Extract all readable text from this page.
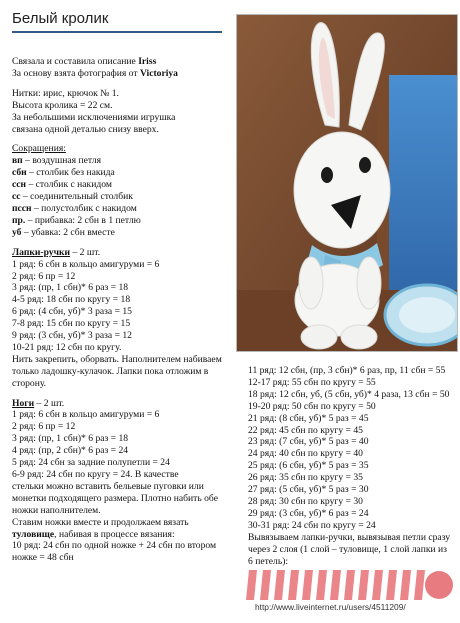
Белый кролик
Связала и составила описание Iriss
За основу взята фотография от Victoriya
Нитки: ирис, крючок № 1.
Высота кролика = 22 см.
За небольшими исключениями игрушка
связана одной деталью снизу вверх.
Сокращения:
вп – воздушная петля
сбн – столбик без накида
ссн – столбик с накидом
сс – соединительный столбик
пссн – полустолбик с накидом
пр. – прибавка: 2 сбн в 1 петлю
уб – убавка: 2 сбн вместе
Лапки-ручки – 2 шт.
1 ряд: 6 сбн в кольцо амигуруми = 6
2 ряд: 6 пр = 12
3 ряд: (пр, 1 сбн)* 6 раз = 18
4-5 ряд: 18 сбн по кругу = 18
6 ряд: (4 сбн, уб)* 3 раза = 15
7-8 ряд: 15 сбн по кругу = 15
9 ряд: (3 сбн, уб)* 3 раза = 12
10-21 ряд: 12 сбн по кругу.
Нить закрепить, оборвать. Наполнителем набиваем только ладошку-кулачок. Лапки пока отложим в сторону.
Ноги – 2 шт.
1 ряд: 6 сбн в кольцо амигуруми = 6
2 ряд: 6 пр = 12
3 ряд: (пр, 1 сбн)* 6 раз = 18
4 ряд: (пр, 2 сбн)* 6 раз = 24
5 ряд: 24 сбн за задние полупетли = 24
6-9 ряд: 24 сбн по кругу = 24. В качестве
стельки можно вставить бельевые пуговки или монетки подходящего размера. Плотно набить обе ножки наполнителем.
Ставим ножки вместе и продолжаем вязать туловище, набивая в процессе вязания:
10 ряд: 24 сбн по одной ножке + 24 сбн по втором ножке = 48 сбн
11 ряд: 12 сбн, (пр, 3 сбн)* 6 раз, пр, 11 сбн = 55
12-17 ряд: 55 сбн по кругу = 55
18 ряд: 12 сбн, уб, (5 сбн, уб)* 4 раза, 13 сбн = 50
19-20 ряд: 50 сбн по кругу = 50
21 ряд: (8 сбн, уб)* 5 раз = 45
22 ряд: 45 сбн по кругу = 45
23 ряд: (7 сбн, уб)* 5 раз = 40
24 ряд: 40 сбн по кругу = 40
25 ряд: (6 сбн, уб)* 5 раз = 35
26 ряд: 35 сбн по кругу = 35
27 ряд: (5 сбн, уб)* 5 раз = 30
28 ряд: 30 сбн по кругу = 30
29 ряд: (3 сбн, уб)* 6 раз = 24
30-31 ряд: 24 сбн по кругу = 24
Вывязываем лапки-ручки, вывязывая петли сразу через 2 слоя (1 слой – туловище, 1 слой лапки из 6 петель):
http://www.liveinternet.ru/users/4511209/
